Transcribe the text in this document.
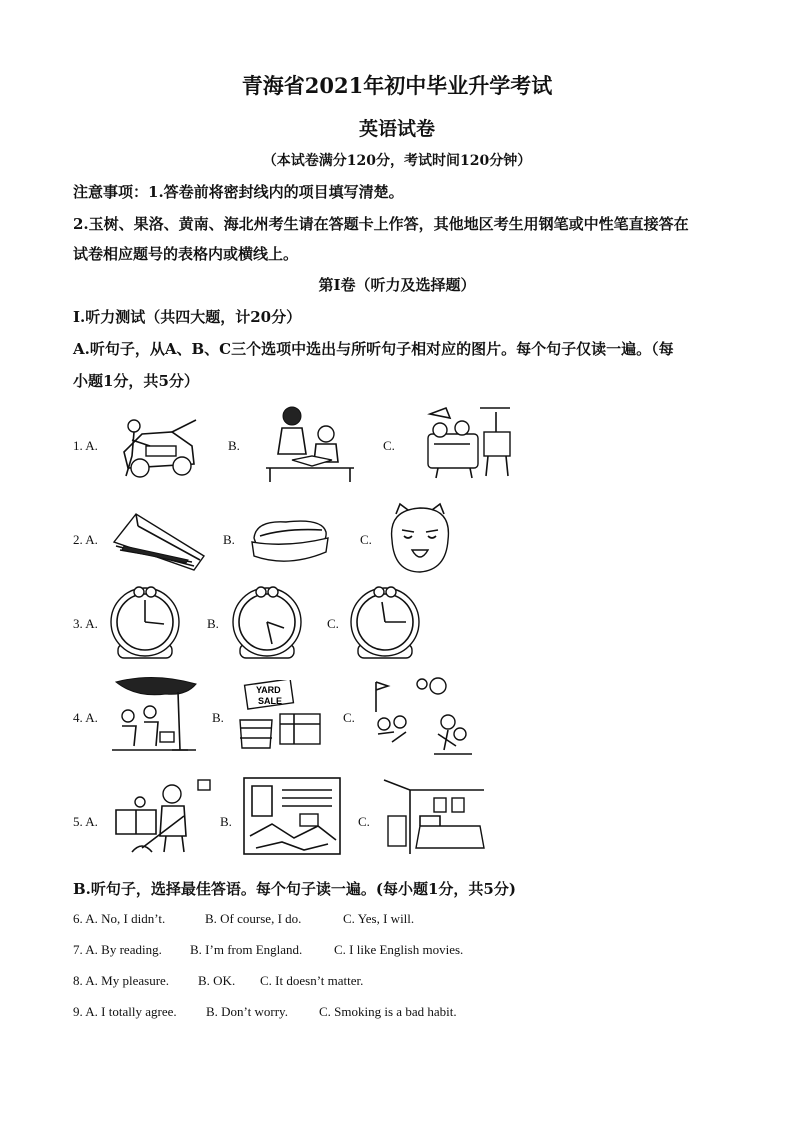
青海省2021年初中毕业升学考试
英语试卷
（本试卷满分120分，考试时间120分钟）
注意事项：1.答卷前将密封线内的项目填写清楚。
2.玉树、果洛、黄南、海北州考生请在答题卡上作答，其他地区考生用钢笔或中性笔直接答在
试卷相应题号的表格内或横线上。
第Ⅰ卷（听力及选择题）
Ⅰ.听力测试（共四大题，计20分）
A.听句子，从A、B、C三个选项中选出与所听句子相对应的图片。每个句子仅读一遍。（每
小题1分，共5分）
1. A.	B.	C.
2. A.	B.	C.
3. A.	B.	C.
4. A.	B.
YARD
SALE
C.
5. A.	B.	C.
B.听句子，选择最佳答语。每个句子读一遍。(每小题1分，共5分)
6. A. No, I didn’t.	B. Of course, I do.	C. Yes, I will.
7. A. By reading. B. I’m from England. C. I like English movies.
8. A. My pleasure. B. OK. C. It doesn’t matter.
9. A. I totally agree. B. Don’t worry. C. Smoking is a bad habit.
